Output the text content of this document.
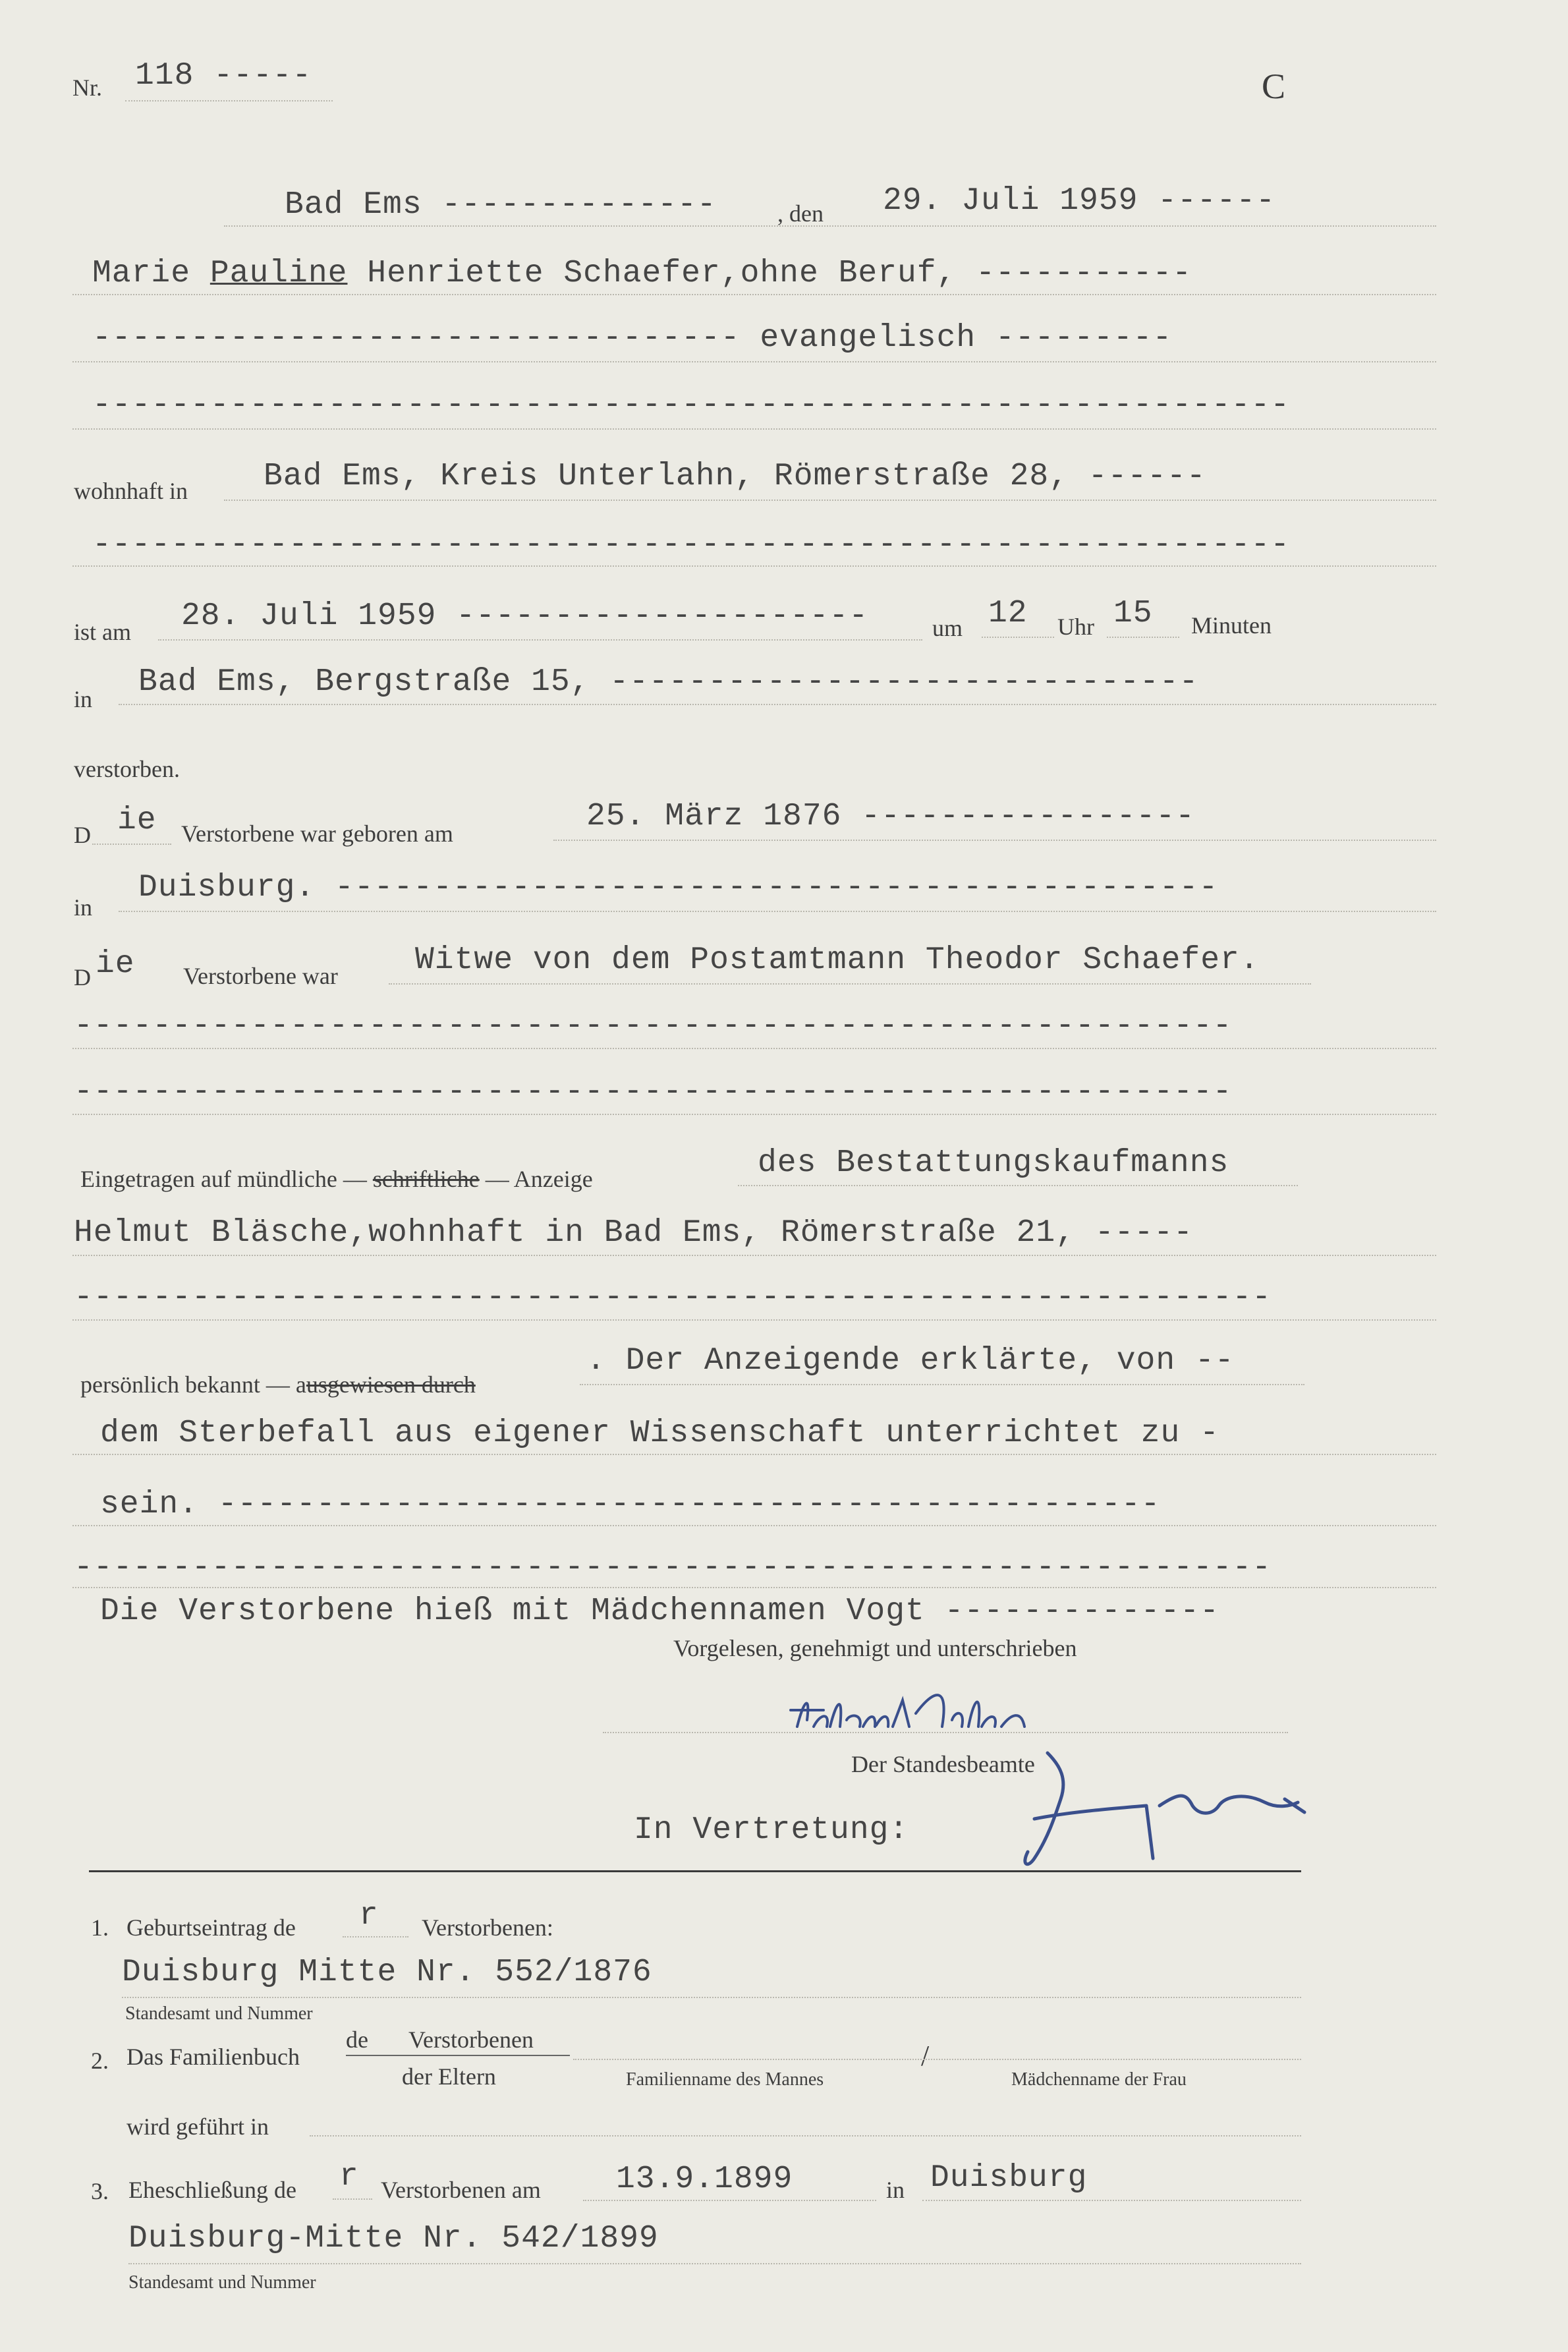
Nr. 118 -----	C
Bad Ems --------------	, den 29. Juli 1959 ------
Marie Pauline Henriette Schaefer,ohne Beruf, -----------
--------------------------------- evangelisch ---------
-------------------------------------------------------------
wohnhaft in Bad Ems, Kreis Unterlahn, Römerstraße 28, ------
-------------------------------------------------------------
ist am 28. Juli 1959 ---------------------	um 12 Uhr 15 Minuten
in Bad Ems, Bergstraße 15, ------------------------------
verstorben.
D ie Verstorbene war geboren am	25. März 1876 -----------------
in
Duisburg. ---------------------------------------------
D ie Verstorbene war Witwe von dem Postamtmann Theodor Schaefer.
-----------------------------------------------------------
-----------------------------------------------------------
Eingetragen auf mündliche — schriftliche — Anzeige	des Bestattungskaufmanns
Helmut Bläsche,wohnhaft in Bad Ems, Römerstraße 21, -----
-------------------------------------------------------------
persönlich bekannt — ausgewiesen durch
. Der Anzeigende erklärte, von --
dem Sterbefall aus eigener Wissenschaft unterrichtet zu -
sein. ------------------------------------------------
-------------------------------------------------------------
Die Verstorbene hieß mit Mädchennamen Vogt --------------
Vorgelesen, genehmigt und unterschrieben
Der Standesbeamte
In Vertretung:
1. Geburtseintrag de r Verstorbenen:
Duisburg Mitte Nr. 552/1876
Standesamt und Nummer
2. Das Familienbuch
de Verstorbenen
der Eltern
/
Familienname des Mannes	Mädchenname der Frau
wird geführt in
3. Eheschließung de r Verstorbenen am 13.9.1899	in Duisburg
Duisburg-Mitte Nr. 542/1899
Standesamt und Nummer
